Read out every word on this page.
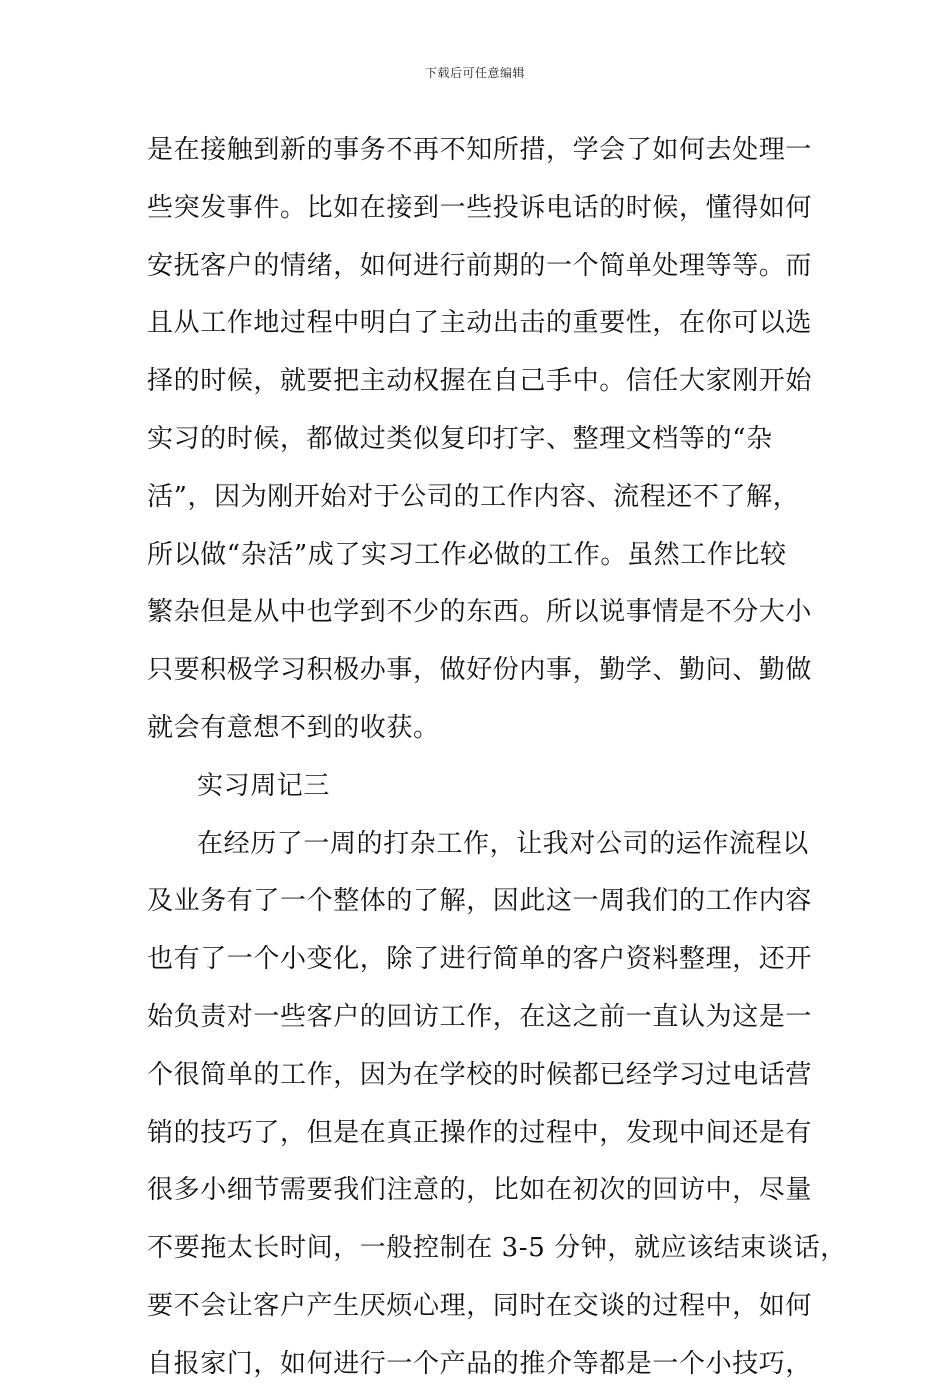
下载后可任意编辑
是在接触到新的事务不再不知所措，学会了如何去处理一
些突发事件。比如在接到一些投诉电话的时候，懂得如何
安抚客户的情绪，如何进行前期的一个简单处理等等。而
且从工作地过程中明白了主动出击的重要性，在你可以选
择的时候，就要把主动权握在自己手中。信任大家刚开始
实习的时候，都做过类似复印打字、整理文档等的“杂
活”，因为刚开始对于公司的工作内容、流程还不了解，
所以做“杂活”成了实习工作必做的工作。虽然工作比较
繁杂但是从中也学到不少的东西。所以说事情是不分大小
只要积极学习积极办事，做好份内事，勤学、勤问、勤做
就会有意想不到的收获。
实习周记三
在经历了一周的打杂工作，让我对公司的运作流程以
及业务有了一个整体的了解，因此这一周我们的工作内容
也有了一个小变化，除了进行简单的客户资料整理，还开
始负责对一些客户的回访工作，在这之前一直认为这是一
个很简单的工作，因为在学校的时候都已经学习过电话营
销的技巧了，但是在真正操作的过程中，发现中间还是有
很多小细节需要我们注意的，比如在初次的回访中，尽量
不要拖太长时间，一般控制在 3-5 分钟，就应该结束谈话，
要不会让客户产生厌烦心理，同时在交谈的过程中，如何
自报家门，如何进行一个产品的推介等都是一个小技巧，
